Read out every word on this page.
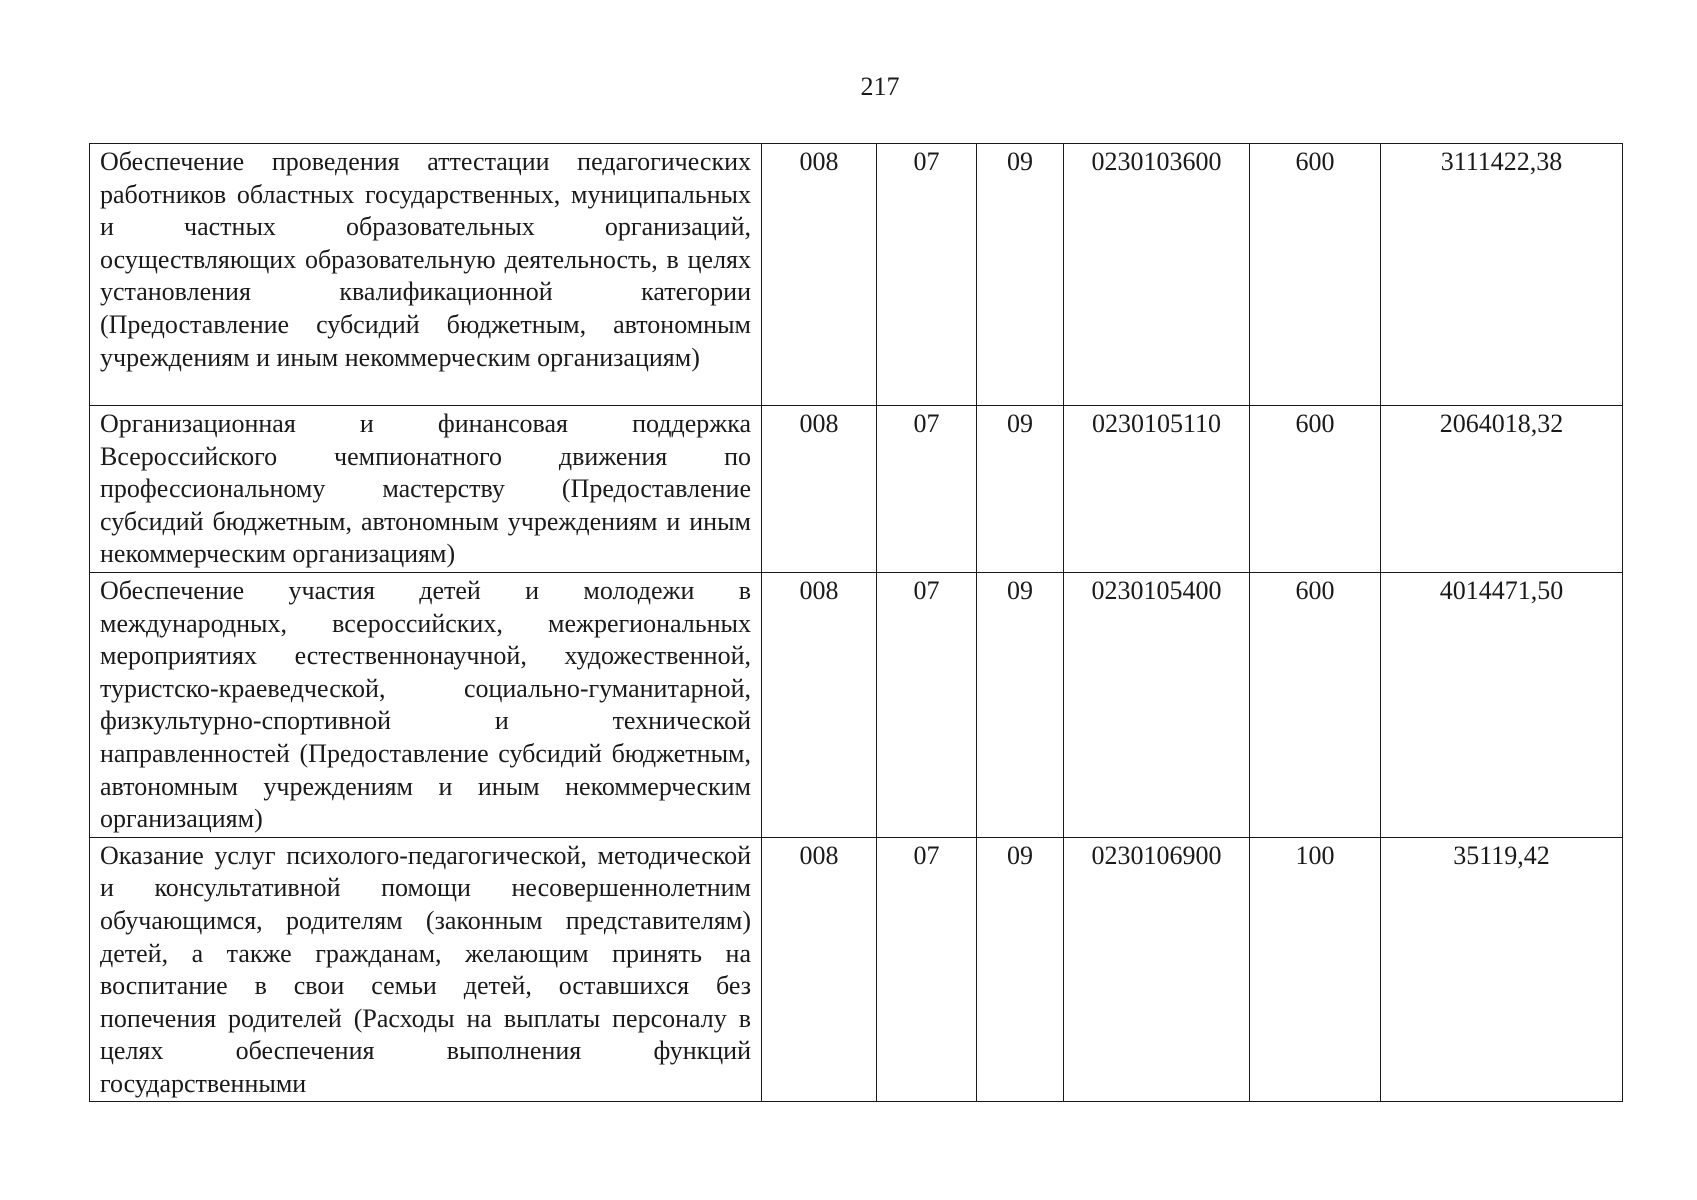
217
Обеспечение проведения аттестации педагогических работников областных государственных, муниципальных и частных образовательных организаций, осуществляющих образовательную деятельность, в целях установления квалификационной категории (Предоставление субсидий бюджетным, автономным учреждениям и иным некоммерческим организациям)	008	07	09	0230103600	600	3111422,38

Организационная и финансовая поддержка Всероссийского чемпионатного движения по профессиональному мастерству (Предоставление субсидий бюджетным, автономным учреждениям и иным некоммерческим организациям)	008	07	09	0230105110	600	2064018,32

Обеспечение участия детей и молодежи в международных, всероссийских, межрегиональных мероприятиях естественнонаучной, художественной, туристско-краеведческой, социально-гуманитарной, физкультурно-спортивной и технической направленностей (Предоставление субсидий бюджетным, автономным учреждениям и иным некоммерческим организациям)	008	07	09	0230105400	600	4014471,50

Оказание услуг психолого-педагогической, методической и консультативной помощи несовершеннолетним обучающимся, родителям (законным представителям) детей, а также гражданам, желающим принять на воспитание в свои семьи детей, оставшихся без попечения родителей (Расходы на выплаты персоналу в целях обеспечения выполнения функций государственными	008	07	09	0230106900	100	35119,42
